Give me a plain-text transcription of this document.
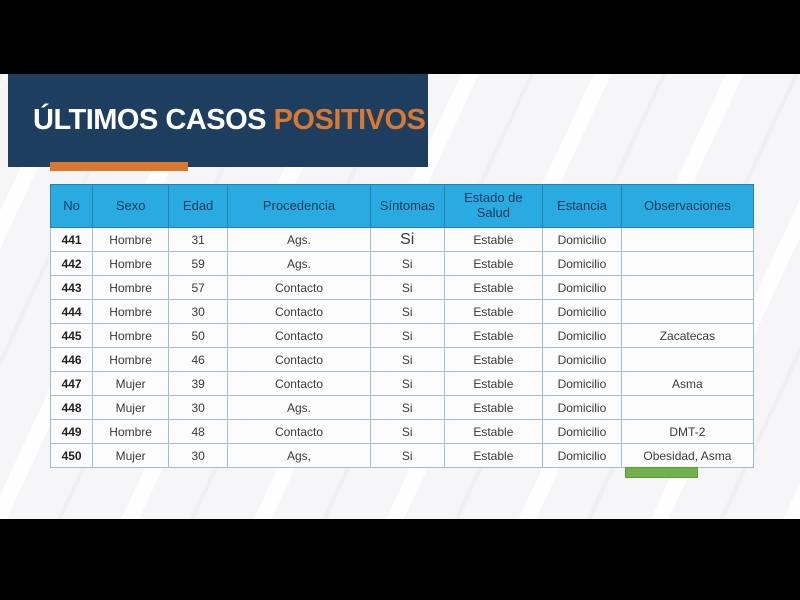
ÚLTIMOS CASOS POSITIVOS
No	Sexo	Edad	Procedencia	Síntomas	Estado de Salud	Estancia	Observaciones
441	Hombre	31	Ags.	Si	Estable	Domicilio	
442	Hombre	59	Ags.	Si	Estable	Domicilio	
443	Hombre	57	Contacto	Si	Estable	Domicilio	
444	Hombre	30	Contacto	Si	Estable	Domicilio	
445	Hombre	50	Contacto	Si	Estable	Domicilio	Zacatecas
446	Hombre	46	Contacto	Si	Estable	Domicilio	
447	Mujer	39	Contacto	Si	Estable	Domicilio	Asma
448	Mujer	30	Ags.	Si	Estable	Domicilio	
449	Hombre	48	Contacto	Si	Estable	Domicilio	DMT-2
450	Mujer	30	Ags,	Si	Estable	Domicilio	Obesidad, Asma
